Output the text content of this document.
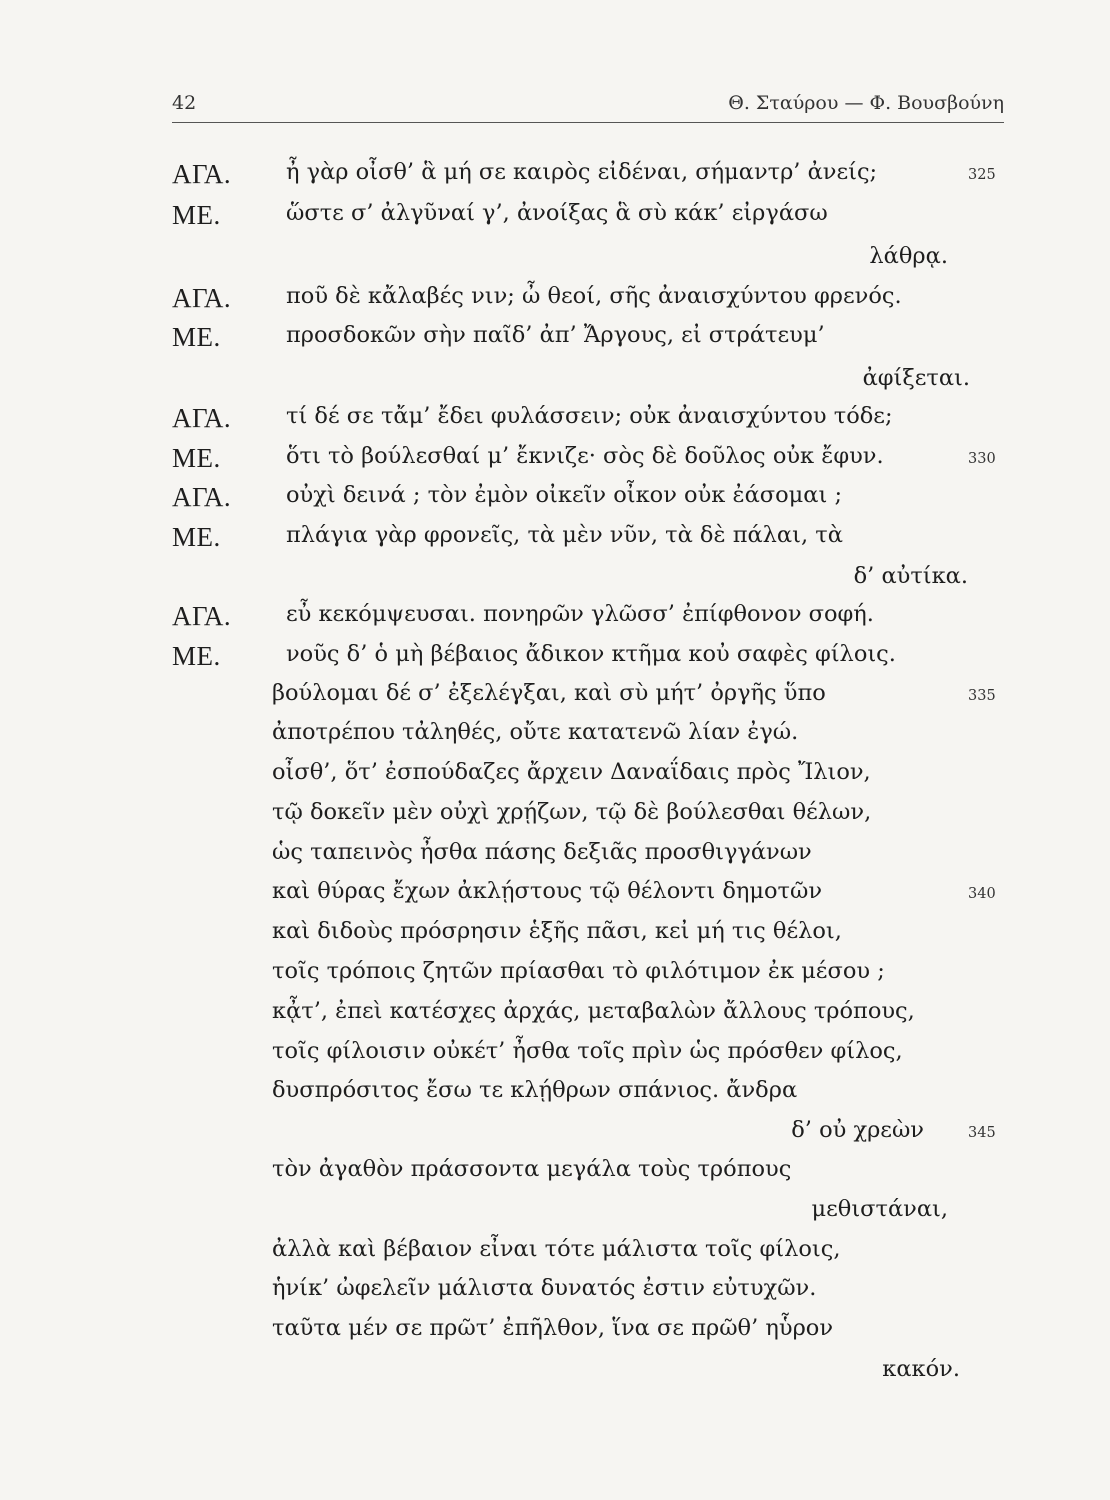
42	Θ. Σταύρου — Φ. Βουσβούνη
ΑΓΑ. ἦ γὰρ οἶσθ’ ἃ μή σε καιρὸς εἰδέναι, σήμαντρ’ ἀνείς;	325
ΜΕ.	ὥστε σ’ ἀλγῦναί γ’, ἀνοίξας ἃ σὺ κάκ’ εἰργάσω
λάθρᾳ.
ΑΓΑ. ποῦ δὲ κἄλαβές νιν; ὦ θεοί, σῆς ἀναισχύντου φρενός.
ΜΕ.	προσδοκῶν σὴν παῖδ’ ἀπ’ Ἄργους, εἰ στράτευμ’
ἀφίξεται.
ΑΓΑ. τί δέ σε τἄμ’ ἔδει φυλάσσειν; οὐκ ἀναισχύντου τόδε;
ΜΕ.	ὅτι τὸ βούλεσθαί μ’ ἔκνιζε· σὸς δὲ δοῦλος οὐκ ἔφυν.	330
ΑΓΑ. οὐχὶ δεινά ; τὸν ἐμὸν οἰκεῖν οἶκον οὐκ ἐάσομαι ;
ΜΕ.	πλάγια γὰρ φρονεῖς, τὰ μὲν νῦν, τὰ δὲ πάλαι, τὰ
δ’ αὐτίκα.
ΑΓΑ. εὖ κεκόμψευσαι. πονηρῶν γλῶσσ’ ἐπίφθονον σοφή.
ΜΕ.	νοῦς δ’ ὁ μὴ βέβαιος ἄδικον κτῆμα κοὐ σαφὲς φίλοις.
βούλομαι δέ σ’ ἐξελέγξαι, καὶ σὺ μήτ’ ὀργῆς ὕπο	335
ἀποτρέπου τἀληθές, οὔτε κατατενῶ λίαν ἐγώ.
οἶσθ’, ὅτ’ ἐσπούδαζες ἄρχειν Δαναΐδαις πρὸς Ἴλιον,
τῷ δοκεῖν μὲν οὐχὶ χρῄζων, τῷ δὲ βούλεσθαι θέλων,
ὡς ταπεινὸς ἦσθα πάσης δεξιᾶς προσθιγγάνων
καὶ θύρας ἔχων ἀκλῄστους τῷ θέλοντι δημοτῶν	340
καὶ διδοὺς πρόσρησιν ἑξῆς πᾶσι, κεἰ μή τις θέλοι,
τοῖς τρόποις ζητῶν πρίασθαι τὸ φιλότιμον ἐκ μέσου ;
κᾆτ’, ἐπεὶ κατέσχες ἀρχάς, μεταβαλὼν ἄλλους τρόπους,
τοῖς φίλοισιν οὐκέτ’ ἦσθα τοῖς πρὶν ὡς πρόσθεν φίλος,
δυσπρόσιτος ἔσω τε κλῄθρων σπάνιος. ἄνδρα
δ’ οὐ χρεὼν	345
τὸν ἀγαθὸν πράσσοντα μεγάλα τοὺς τρόπους
μεθιστάναι,
ἀλλὰ καὶ βέβαιον εἶναι τότε μάλιστα τοῖς φίλοις,
ἡνίκ’ ὠφελεῖν μάλιστα δυνατός ἐστιν εὐτυχῶν.
ταῦτα μέν σε πρῶτ’ ἐπῆλθον, ἵνα σε πρῶθ’ ηὗρον
κακόν.
